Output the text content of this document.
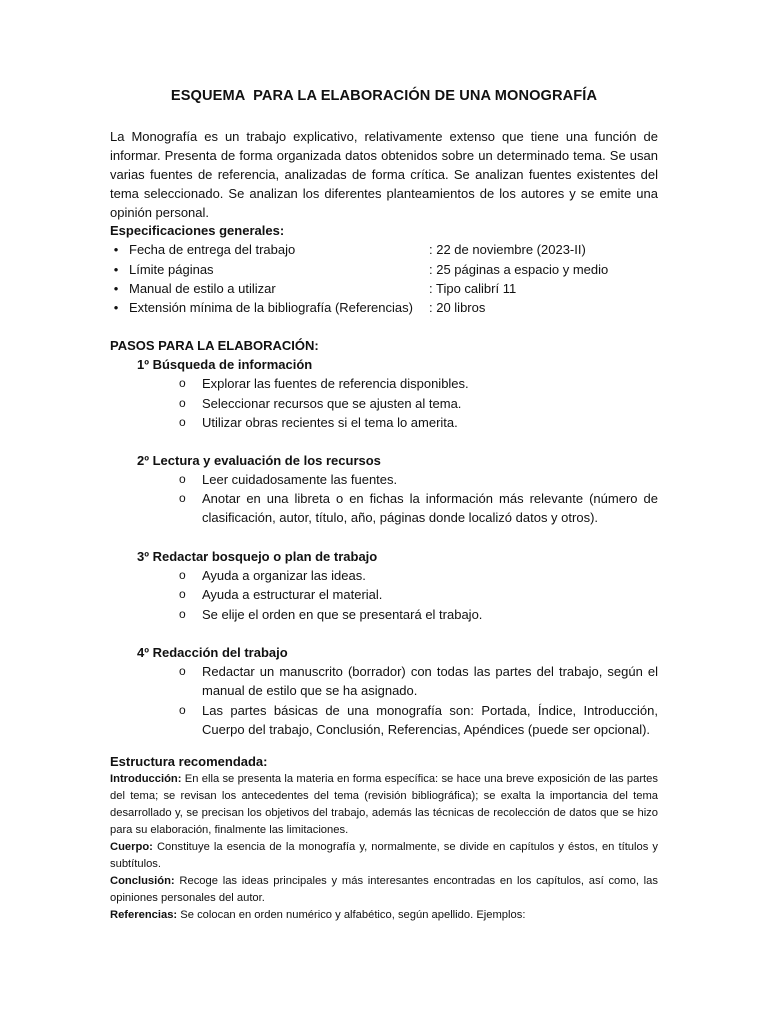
ESQUEMA  PARA LA ELABORACIÓN DE UNA MONOGRAFÍA

La Monografía es un trabajo explicativo, relativamente extenso que tiene una función de informar. Presenta de forma organizada datos obtenidos sobre un determinado tema. Se usan varias fuentes de referencia, analizadas de forma crítica. Se analizan fuentes existentes del tema seleccionado. Se analizan los diferentes planteamientos de los autores y se emite una opinión personal.

Especificaciones generales:
• Fecha de entrega del trabajo	: 22 de noviembre (2023-II)
• Límite páginas	: 25 páginas a espacio y medio
• Manual de estilo a utilizar	: Tipo calibrí 11
• Extensión mínima de la bibliografía (Referencias) : 20 libros
PASOS PARA LA ELABORACIÓN:
1º Búsqueda de información
o Explorar las fuentes de referencia disponibles.
o Seleccionar recursos que se ajusten al tema.
o Utilizar obras recientes si el tema lo amerita.
2º Lectura y evaluación de los recursos
o Leer cuidadosamente las fuentes.
o Anotar en una libreta o en fichas la información más relevante (número de clasificación, autor, título, año, páginas donde localizó datos y otros).
3º Redactar bosquejo o plan de trabajo
o Ayuda a organizar las ideas.
o Ayuda a estructurar el material.
o Se elije el orden en que se presentará el trabajo.
4º Redacción del trabajo
o Redactar un manuscrito (borrador) con todas las partes del trabajo, según el manual de estilo que se ha asignado.
o Las partes básicas de una monografía son: Portada, Índice, Introducción, Cuerpo del trabajo, Conclusión, Referencias, Apéndices (puede ser opcional).
Estructura recomendada:
Introducción: En ella se presenta la materia en forma específica: se hace una breve exposición de las partes del tema; se revisan los antecedentes del tema (revisión bibliográfica); se exalta la importancia del tema desarrollado y, se precisan los objetivos del trabajo, además las técnicas de recolección de datos que se hizo para su elaboración, finalmente las limitaciones.
Cuerpo: Constituye la esencia de la monografía y, normalmente, se divide en capítulos y éstos, en títulos y subtítulos.
Conclusión: Recoge las ideas principales y más interesantes encontradas en los capítulos, así como, las opiniones personales del autor.
Referencias: Se colocan en orden numérico y alfabético, según apellido. Ejemplos:
